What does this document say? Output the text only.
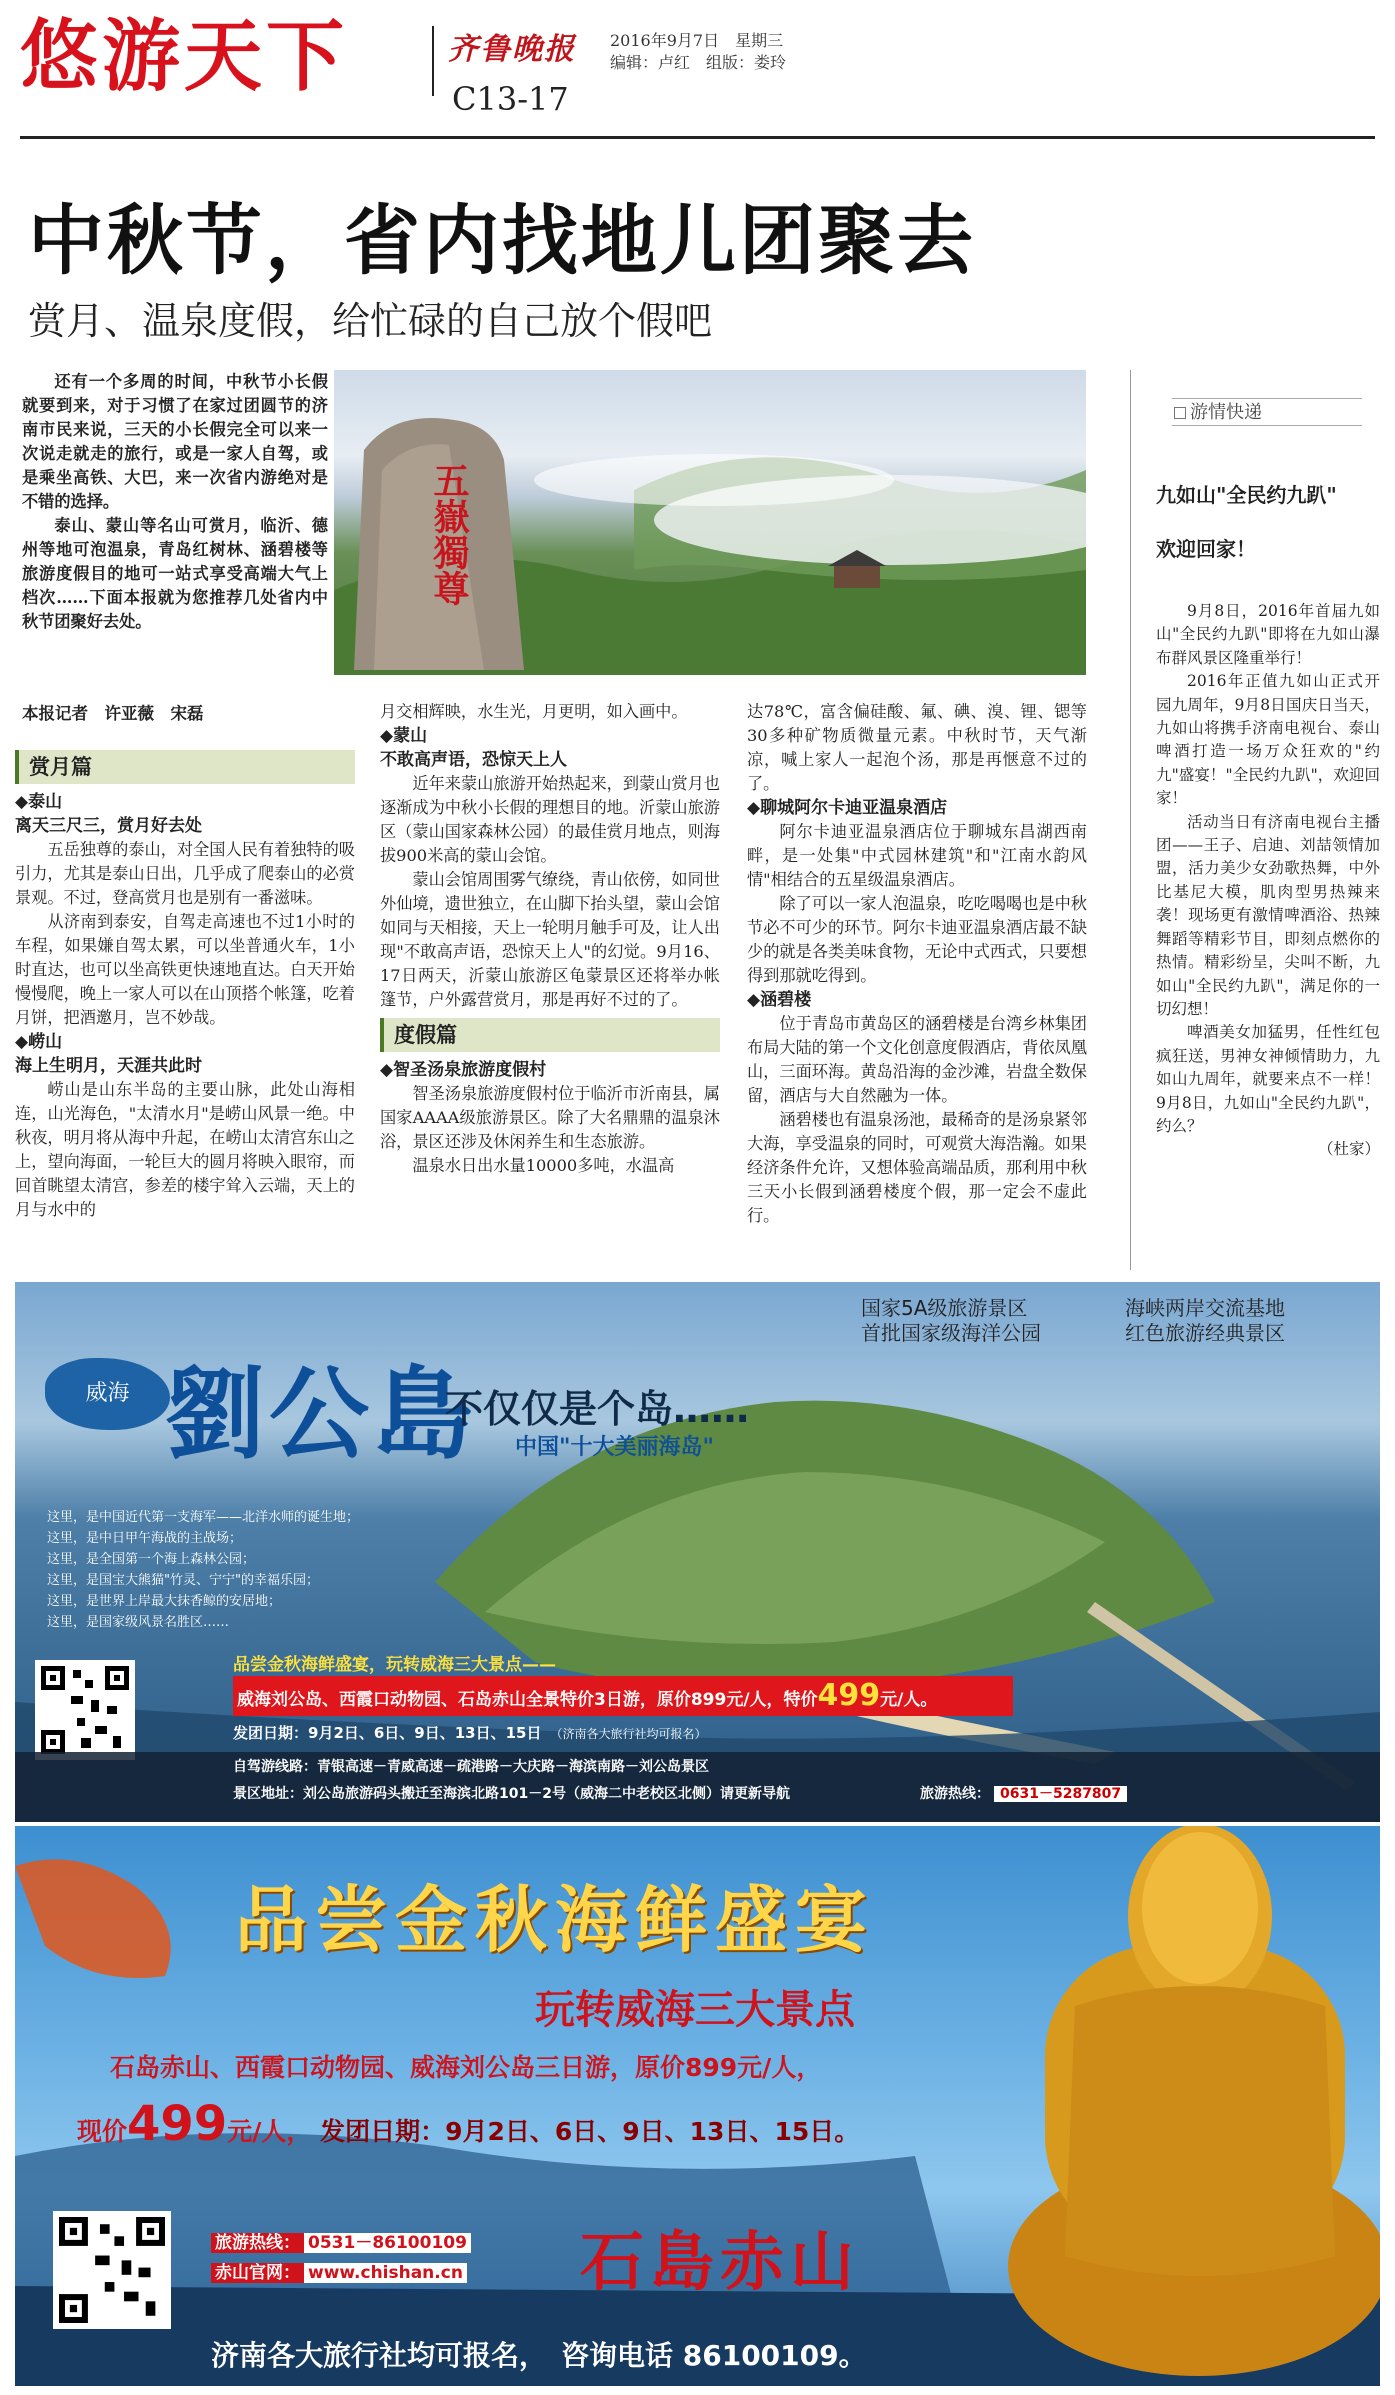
悠游天下	齐鲁晚报
C13-17
2016年9月7日　星期三
编辑：卢红　组版：娄玲
中秋节，省内找地儿团聚去
赏月、温泉度假，给忙碌的自己放个假吧

还有一个多周的时间，中秋节小长假就要到来，对于习惯了在家过团圆节的济南市民来说，三天的小长假完全可以来一次说走就走的旅行，或是一家人自驾，或是乘坐高铁、大巴，来一次省内游绝对是不错的选择。

泰山、蒙山等名山可赏月，临沂、德州等地可泡温泉，青岛红树林、涵碧楼等旅游度假目的地可一站式享受高端大气上档次……下面本报就为您推荐几处省内中秋节团聚好去处。

五嶽獨尊
游情快递
九如山"全民约九趴"
欢迎回家！

9月8日，2016年首届九如山"全民约九趴"即将在九如山瀑布群风景区隆重举行！

2016年正值九如山正式开园九周年，9月8日国庆日当天，九如山将携手济南电视台、泰山啤酒打造一场万众狂欢的"约九"盛宴！"全民约九趴"，欢迎回家！

活动当日有济南电视台主播团——王子、启迪、刘喆领情加盟，活力美少女劲歌热舞，中外比基尼大模，肌肉型男热辣来袭！现场更有激情啤酒浴、热辣舞蹈等精彩节目，即刻点燃你的热情。精彩纷呈，尖叫不断，九如山"全民约九趴"，满足你的一切幻想！

啤酒美女加猛男，任性红包疯狂送，男神女神倾情助力，九如山九周年，就要来点不一样！9月8日，九如山"全民约九趴"，约么？

（杜家）

本报记者　许亚薇　宋磊
赏月篇

◆泰山

离天三尺三，赏月好去处

五岳独尊的泰山，对全国人民有着独特的吸引力，尤其是泰山日出，几乎成了爬泰山的必赏景观。不过，登高赏月也是别有一番滋味。

从济南到泰安，自驾走高速也不过1小时的车程，如果嫌自驾太累，可以坐普通火车，1小时直达，也可以坐高铁更快速地直达。白天开始慢慢爬，晚上一家人可以在山顶搭个帐篷，吃着月饼，把酒邀月，岂不妙哉。

◆崂山

海上生明月，天涯共此时

崂山是山东半岛的主要山脉，此处山海相连，山光海色，"太清水月"是崂山风景一绝。中秋夜，明月将从海中升起，在崂山太清宫东山之上，望向海面，一轮巨大的圆月将映入眼帘，而回首眺望太清宫，参差的楼宇耸入云端，天上的月与水中的

月交相辉映，水生光，月更明，如入画中。

◆蒙山

不敢高声语，恐惊天上人

近年来蒙山旅游开始热起来，到蒙山赏月也逐渐成为中秋小长假的理想目的地。沂蒙山旅游区（蒙山国家森林公园）的最佳赏月地点，则海拔900米高的蒙山会馆。

蒙山会馆周围雾气缭绕，青山依傍，如同世外仙境，遗世独立，在山脚下抬头望，蒙山会馆如同与天相接，天上一轮明月触手可及，让人出现"不敢高声语，恐惊天上人"的幻觉。9月16、17日两天，沂蒙山旅游区龟蒙景区还将举办帐篷节，户外露营赏月，那是再好不过的了。

度假篇

◆智圣汤泉旅游度假村

智圣汤泉旅游度假村位于临沂市沂南县，属国家AAAA级旅游景区。除了大名鼎鼎的温泉沐浴，景区还涉及休闲养生和生态旅游。

温泉水日出水量10000多吨，水温高

达78℃，富含偏硅酸、氟、碘、溴、锂、锶等30多种矿物质微量元素。中秋时节，天气渐凉，喊上家人一起泡个汤，那是再惬意不过的了。

◆聊城阿尔卡迪亚温泉酒店

阿尔卡迪亚温泉酒店位于聊城东昌湖西南畔，是一处集"中式园林建筑"和"江南水韵风情"相结合的五星级温泉酒店。

除了可以一家人泡温泉，吃吃喝喝也是中秋节必不可少的环节。阿尔卡迪亚温泉酒店最不缺少的就是各类美味食物，无论中式西式，只要想得到那就吃得到。

◆涵碧楼

位于青岛市黄岛区的涵碧楼是台湾乡林集团布局大陆的第一个文化创意度假酒店，背依凤凰山，三面环海。黄岛沿海的金沙滩，岩盘全数保留，酒店与大自然融为一体。

涵碧楼也有温泉汤池，最稀奇的是汤泉紧邻大海，享受温泉的同时，可观赏大海浩瀚。如果经济条件允许，又想体验高端品质，那利用中秋三天小长假到涵碧楼度个假，那一定会不虚此行。

国家5A级旅游景区
首批国家级海洋公园
海峡两岸交流基地
红色旅游经典景区
威海 劉公島
不仅仅是个岛……
中国"十大美丽海岛"
这里，是中国近代第一支海军——北洋水师的诞生地；
这里，是中日甲午海战的主战场；
这里，是全国第一个海上森林公园；
这里，是国宝大熊猫"竹灵、宁宁"的幸福乐园；
这里，是世界上岸最大抹香鲸的安居地；
这里，是国家级风景名胜区……
品尝金秋海鲜盛宴，玩转威海三大景点——
威海刘公岛、西霞口动物园、石岛赤山全景特价3日游，原价899元/人，特价499元/人。
发团日期：9月2日、6日、9日、13日、15日　 （济南各大旅行社均可报名）
自驾游线路：青银高速－青威高速－疏港路－大庆路－海滨南路－刘公岛景区
景区地址：刘公岛旅游码头搬迁至海滨北路101－2号（威海二中老校区北侧）请更新导航	旅游热线： 0631－5287807
品尝金秋海鲜盛宴
玩转威海三大景点
石岛赤山、西霞口动物园、威海刘公岛三日游，原价899元/人，
现价499元/人， 发团日期：9月2日、6日、9日、13日、15日。
旅游热线： 0531－86100109
赤山官网： www.chishan.cn 石島赤山
济南各大旅行社均可报名，　咨询电话 86100109。
